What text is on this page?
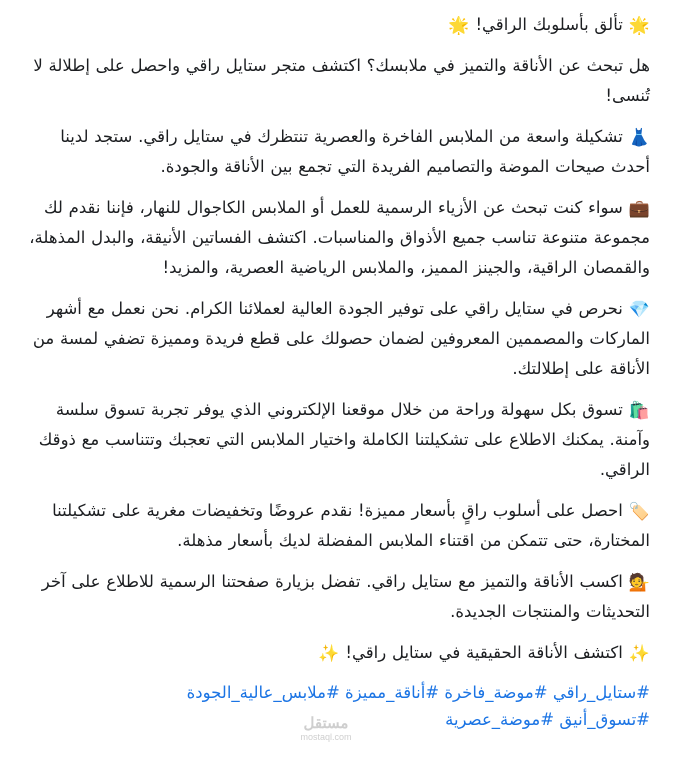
🌟تألق بأسلوبك الراقي!🌟
هل تبحث عن الأناقة والتميز في ملابسك؟ اكتشف متجر ستايل راقي واحصل على إطلالة لا تُنسى!
👗تشكيلة واسعة من الملابس الفاخرة والعصرية تنتظرك في ستايل راقي. ستجد لدينا أحدث صيحات الموضة والتصاميم الفريدة التي تجمع بين الأناقة والجودة.
💼سواء كنت تبحث عن الأزياء الرسمية للعمل أو الملابس الكاجوال للنهار، فإننا نقدم لك مجموعة متنوعة تناسب جميع الأذواق والمناسبات. اكتشف الفساتين الأنيقة، والبدل المذهلة، والقمصان الراقية، والجينز المميز، والملابس الرياضية العصرية، والمزيد!
💎نحرص في ستايل راقي على توفير الجودة العالية لعملائنا الكرام. نحن نعمل مع أشهر الماركات والمصممين المعروفين لضمان حصولك على قطع فريدة ومميزة تضفي لمسة من الأناقة على إطلالتك.
🛍️تسوق بكل سهولة وراحة من خلال موقعنا الإلكتروني الذي يوفر تجربة تسوق سلسة وآمنة. يمكنك الاطلاع على تشكيلتنا الكاملة واختيار الملابس التي تعجبك وتتناسب مع ذوقك الراقي.
🏷️احصل على أسلوب راقٍ بأسعار مميزة! نقدم عروضًا وتخفيضات مغرية على تشكيلتنا المختارة، حتى تتمكن من اقتناء الملابس المفضلة لديك بأسعار مذهلة.
💁اكسب الأناقة والتميز مع ستايل راقي. تفضل بزيارة صفحتنا الرسمية للاطلاع على آخر التحديثات والمنتجات الجديدة.
✨اكتشف الأناقة الحقيقية في ستايل راقي!✨
#ستايل_راقي #موضة_فاخرة #أناقة_مميزة #ملابس_عالية_الجودة
#تسوق_أنيق #موضة_عصرية
مستقل
mostaql.com
